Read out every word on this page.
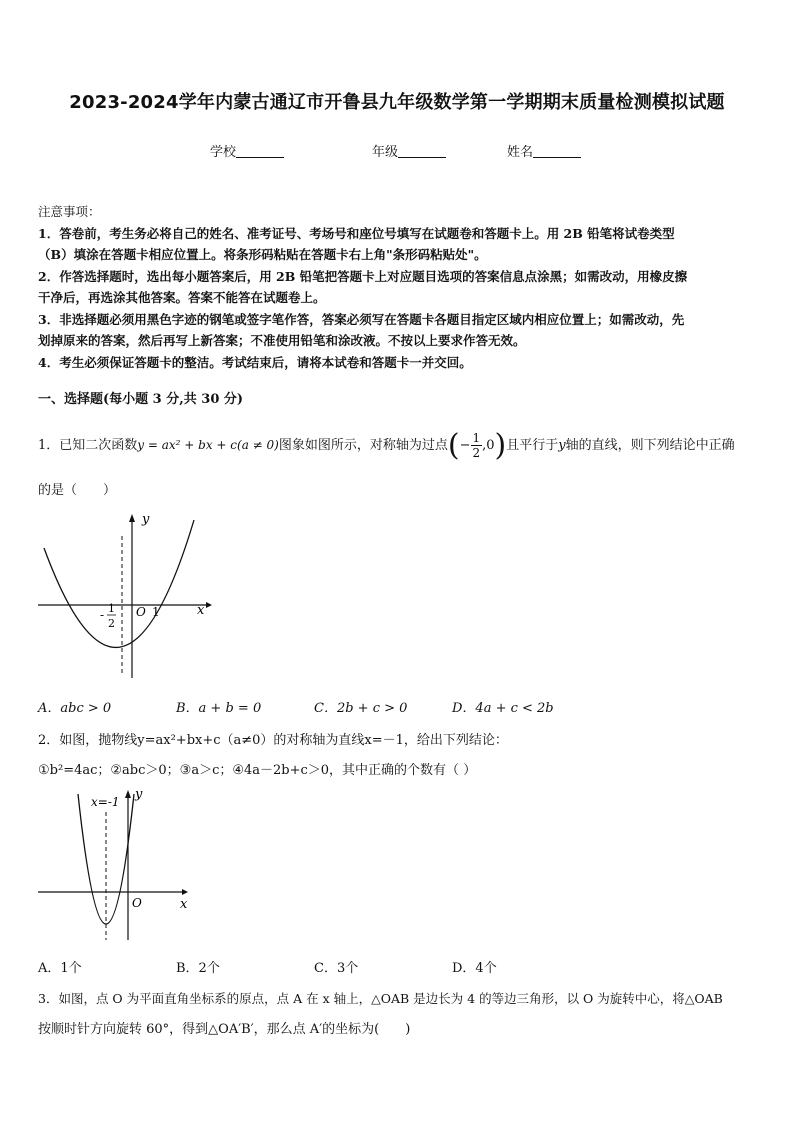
2023-2024学年内蒙古通辽市开鲁县九年级数学第一学期期末质量检测模拟试题
学校	年级	姓名
注意事项：
1．答卷前，考生务必将自己的姓名、准考证号、考场号和座位号填写在试题卷和答题卡上。用 2B 铅笔将试卷类型
（B）填涂在答题卡相应位置上。将条形码粘贴在答题卡右上角"条形码粘贴处"。
2．作答选择题时，选出每小题答案后，用 2B 铅笔把答题卡上对应题目选项的答案信息点涂黑；如需改动，用橡皮擦
干净后，再选涂其他答案。答案不能答在试题卷上。
3．非选择题必须用黑色字迹的钢笔或签字笔作答，答案必须写在答题卡各题目指定区域内相应位置上；如需改动，先
划掉原来的答案，然后再写上新答案；不准使用铅笔和涂改液。不按以上要求作答无效。
4．考生必须保证答题卡的整洁。考试结束后，请将本试卷和答题卡一并交回。
一、选择题(每小题 3 分,共 30 分)
1．已知二次函数y = ax² + bx + c(a ≠ 0)图象如图所示，对称轴为过点(− $\frac{1}{2} ,0$)且平行于y轴的直线，则下列结论中正确
的是（　　）
y
x
O 1
- 1
2
A．abc > 0	B．a + b = 0	C．2b + c > 0	D．4a + c < 2b
2．如图，抛物线y=ax²+bx+c（a≠0）的对称轴为直线x=－1，给出下列结论：
①b²=4ac；②abc＞0；③a＞c；④4a－2b+c＞0，其中正确的个数有（ ）
x=-1 y
x
O
A．1个	B．2个	C．3个	D．4个
3．如图，点 O 为平面直角坐标系的原点，点 A 在 x 轴上，△OAB 是边长为 4 的等边三角形，以 O 为旋转中心，将△OAB
按顺时针方向旋转 60°，得到△OA′B′，那么点 A′的坐标为(　　)
